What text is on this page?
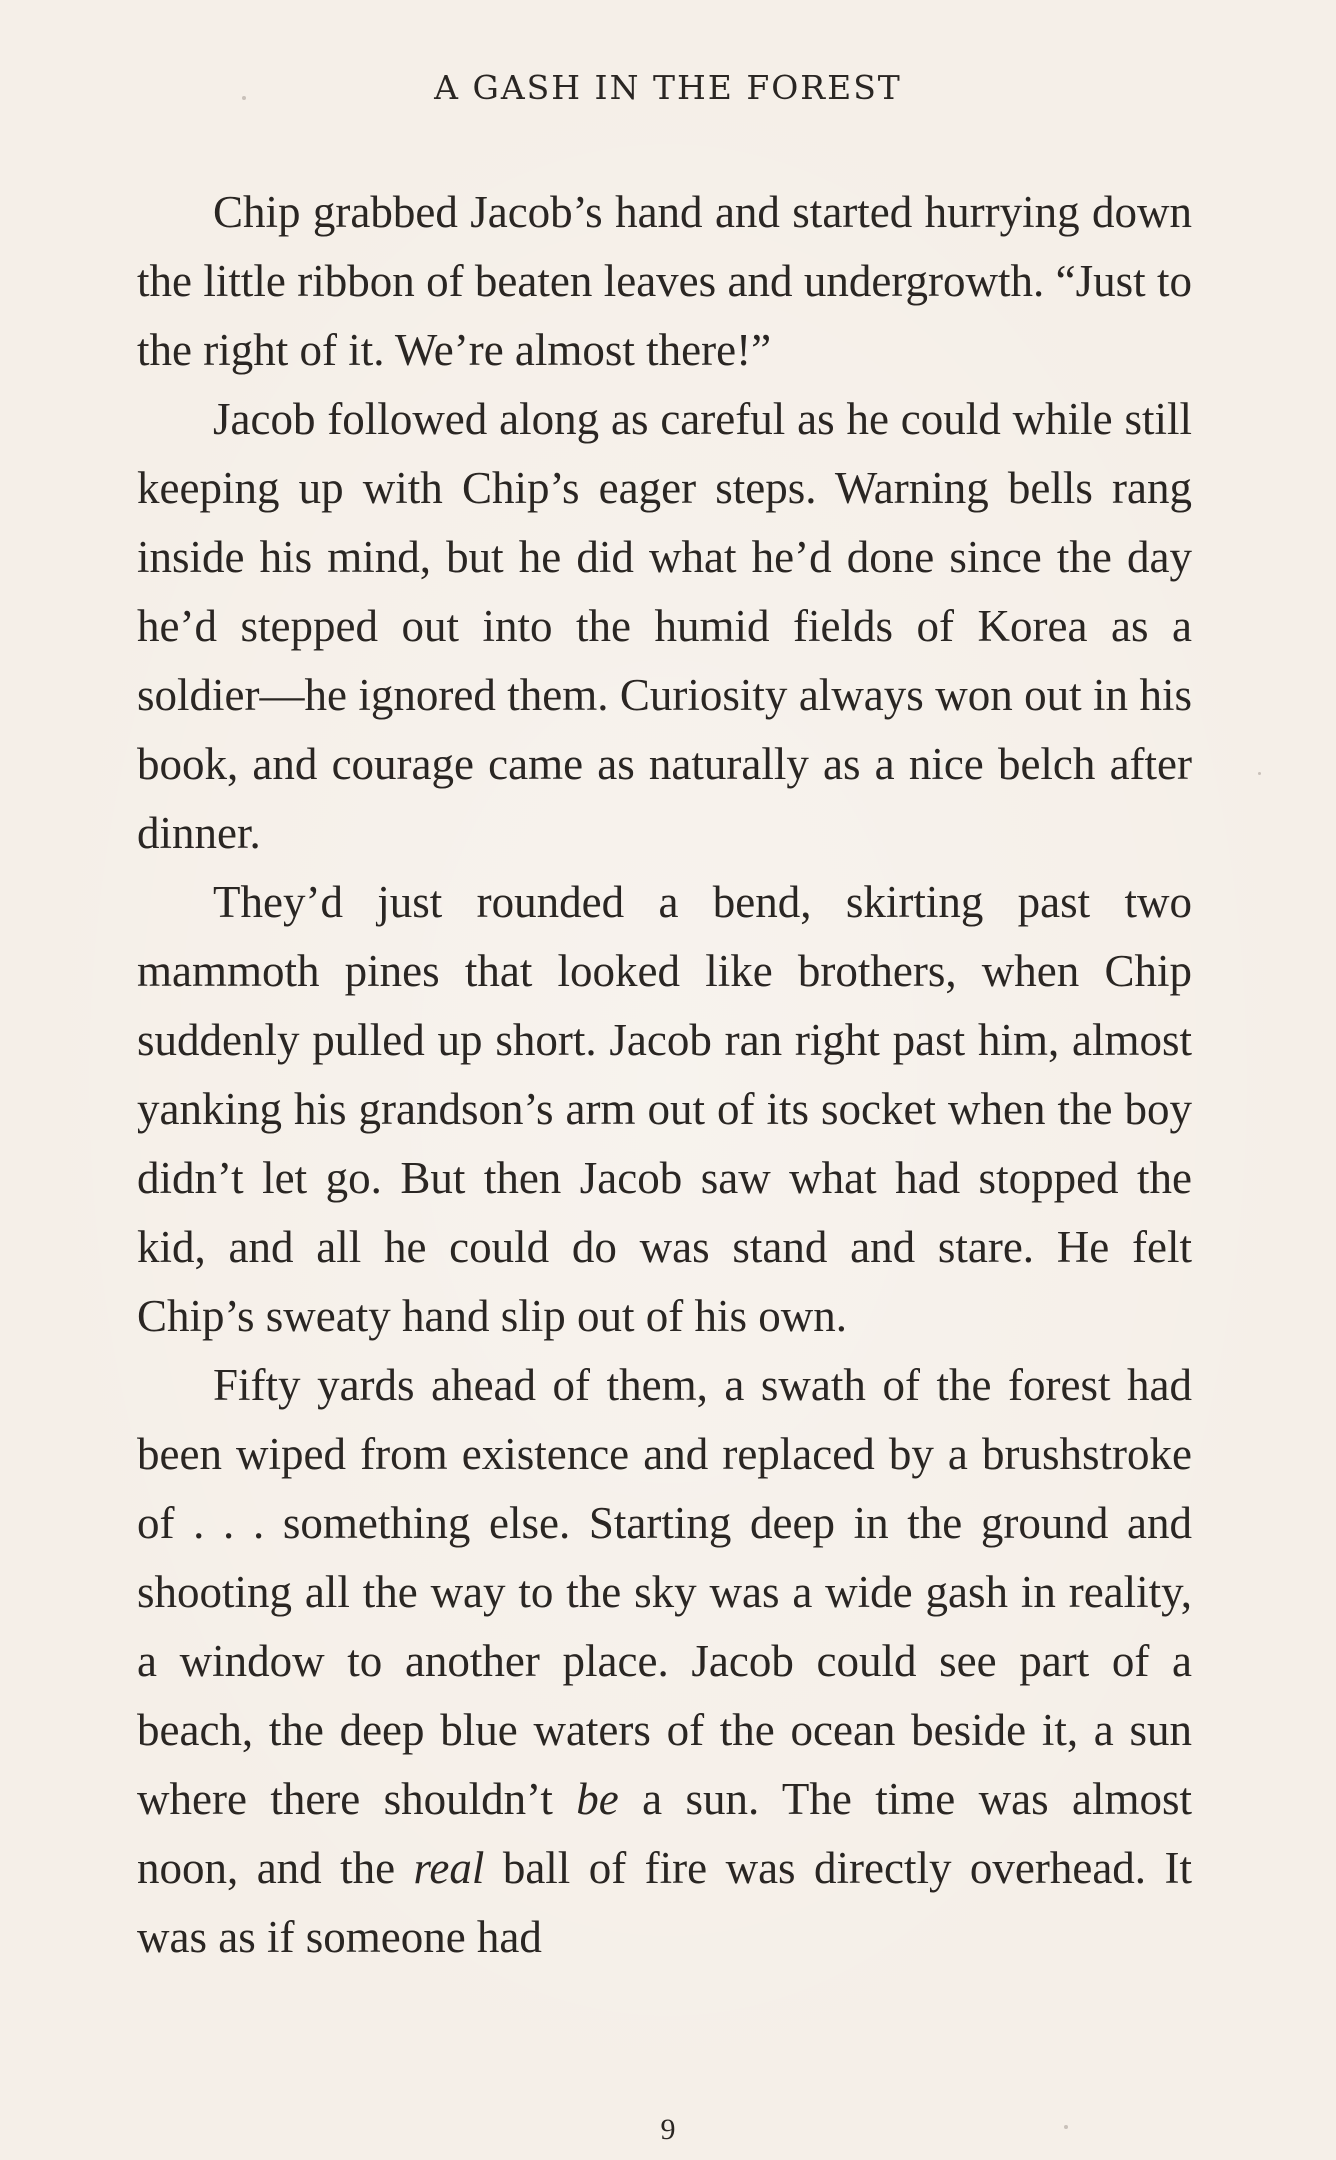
A GASH IN THE FOREST

Chip grabbed Jacob’s hand and started hurrying down the little ribbon of beaten leaves and undergrowth. “Just to the right of it. We’re almost there!”

Jacob followed along as careful as he could while still keeping up with Chip’s eager steps. Warning bells rang inside his mind, but he did what he’d done since the day he’d stepped out into the humid fields of Korea as a soldier—he ignored them. Curiosity always won out in his book, and courage came as naturally as a nice belch after dinner.

They’d just rounded a bend, skirting past two mammoth pines that looked like brothers, when Chip suddenly pulled up short. Jacob ran right past him, almost yanking his grandson’s arm out of its socket when the boy didn’t let go. But then Jacob saw what had stopped the kid, and all he could do was stand and stare. He felt Chip’s sweaty hand slip out of his own.

Fifty yards ahead of them, a swath of the forest had been wiped from existence and replaced by a brushstroke of . . . something else. Starting deep in the ground and shooting all the way to the sky was a wide gash in reality, a window to another place. Jacob could see part of a beach, the deep blue waters of the ocean beside it, a sun where there shouldn’t be a sun. The time was almost noon, and the real ball of fire was directly overhead. It was as if someone had

9
